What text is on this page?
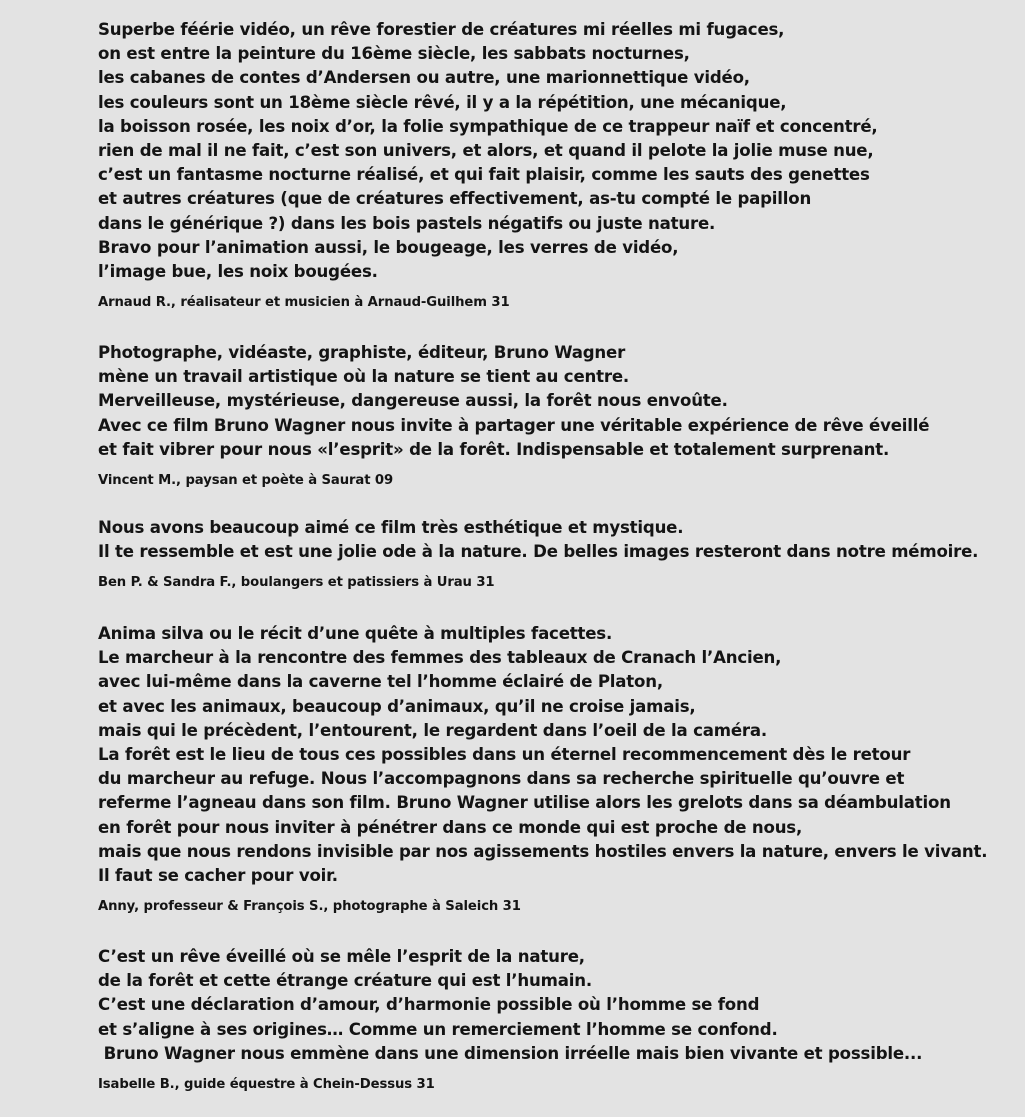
Superbe féérie vidéo, un rêve forestier de créatures mi réelles mi fugaces,
on est entre la peinture du 16ème siècle, les sabbats nocturnes,
les cabanes de contes d’Andersen ou autre, une marionnettique vidéo,
les couleurs sont un 18ème siècle rêvé, il y a la répétition, une mécanique,
la boisson rosée, les noix d’or, la folie sympathique de ce trappeur naïf et concentré,
rien de mal il ne fait, c’est son univers, et alors, et quand il pelote la jolie muse nue,
c’est un fantasme nocturne réalisé, et qui fait plaisir, comme les sauts des genettes
et autres créatures (que de créatures effectivement, as-tu compté le papillon
dans le générique ?) dans les bois pastels négatifs ou juste nature.
Bravo pour l’animation aussi, le bougeage, les verres de vidéo,
l’image bue, les noix bougées.
Arnaud R., réalisateur et musicien à Arnaud-Guilhem 31
Photographe, vidéaste, graphiste, éditeur, Bruno Wagner
mène un travail artistique où la nature se tient au centre.
Merveilleuse, mystérieuse, dangereuse aussi, la forêt nous envoûte.
Avec ce film Bruno Wagner nous invite à partager une véritable expérience de rêve éveillé
et fait vibrer pour nous «l’esprit» de la forêt. Indispensable et totalement surprenant.
Vincent M., paysan et poète à Saurat 09
Nous avons beaucoup aimé ce film très esthétique et mystique.
Il te ressemble et est une jolie ode à la nature. De belles images resteront dans notre mémoire.
Ben P. & Sandra F., boulangers et patissiers à Urau 31
Anima silva ou le récit d’une quête à multiples facettes.
Le marcheur à la rencontre des femmes des tableaux de Cranach l’Ancien,
avec lui-même dans la caverne tel l’homme éclairé de Platon,
et avec les animaux, beaucoup d’animaux, qu’il ne croise jamais,
mais qui le précèdent, l’entourent, le regardent dans l’oeil de la caméra.
La forêt est le lieu de tous ces possibles dans un éternel recommencement dès le retour
du marcheur au refuge. Nous l’accompagnons dans sa recherche spirituelle qu’ouvre et
referme l’agneau dans son film. Bruno Wagner utilise alors les grelots dans sa déambulation
en forêt pour nous inviter à pénétrer dans ce monde qui est proche de nous,
mais que nous rendons invisible par nos agissements hostiles envers la nature, envers le vivant.
Il faut se cacher pour voir.
Anny, professeur & François S., photographe à Saleich 31
C’est un rêve éveillé où se mêle l’esprit de la nature,
de la forêt et cette étrange créature qui est l’humain.
C’est une déclaration d’amour, d’harmonie possible où l’homme se fond
et s’aligne à ses origines… Comme un remerciement l’homme se confond.
Bruno Wagner nous emmène dans une dimension irréelle mais bien vivante et possible...
Isabelle B., guide équestre à Chein-Dessus 31
